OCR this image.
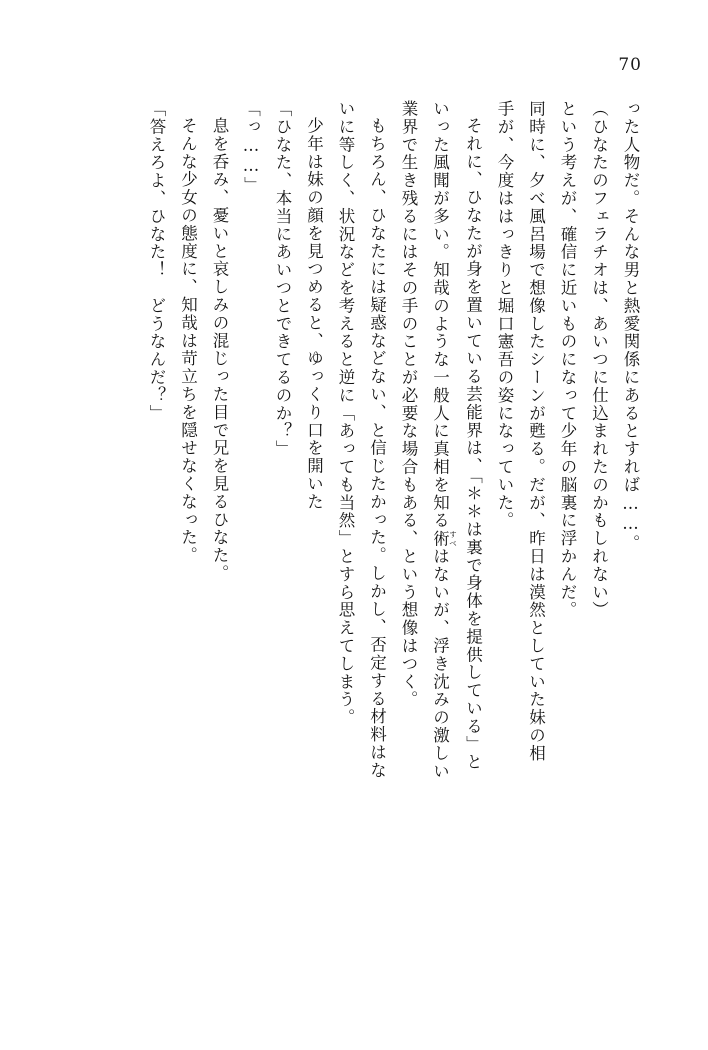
70

った人物だ。そんな男と熱愛関係にあるとすれば……。

（ひなたのフェラチオは、あいつに仕込まれたのかもしれない）

という考えが、確信に近いものになって少年の脳裏に浮かんだ。

同時に、夕べ風呂場で想像したシーンが甦る。だが、昨日は漠然としていた妹の相

手が、今度ははっきりと堀口憲吾の姿になっていた。

それに、ひなたが身を置いている芸能界は、「＊＊は裏で身体を提供している」と

いった風聞が多い。知哉のような一般人に真相を知る術 すべはないが、浮き沈みの激しい

業界で生き残るにはその手のことが必要な場合もある、という想像はつく。

もちろん、ひなたには疑惑などない、と信じたかった。しかし、否定する材料はな

いに等しく、状況などを考えると逆に「あっても当然」とすら思えてしまう。

少年は妹の顔を見つめると、ゆっくり口を開いた

「ひなた、本当にあいつとできてるのか？」

「っ……」

息を呑み、憂いと哀しみの混じった目で兄を見るひなた。

そんな少女の態度に、知哉は苛立ちを隠せなくなった。

「答えろよ、ひなた！　どうなんだ？」
